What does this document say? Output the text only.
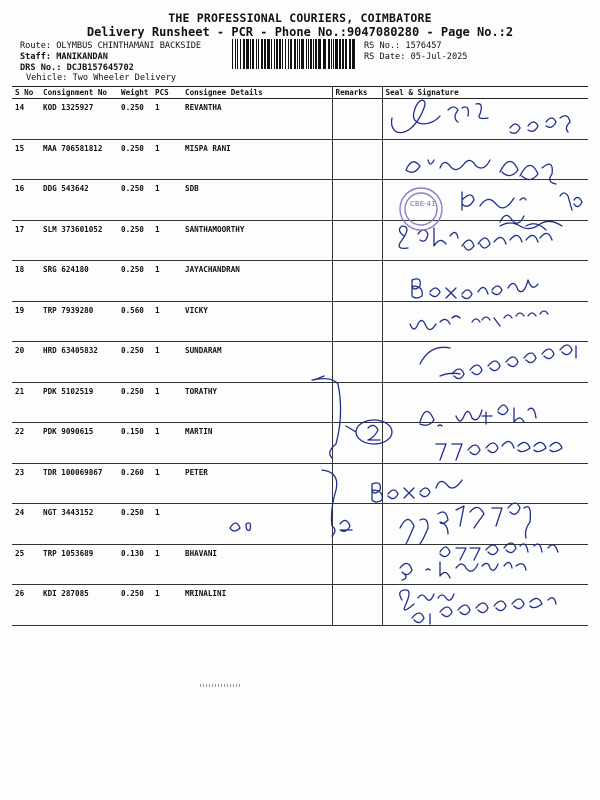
THE PROFESSIONAL COURIERS, COIMBATORE
Delivery Runsheet - PCR - Phone No.:9047080280 - Page No.:2
Route: OLYMBUS CHINTHAMANI BACKSIDE
Staff: MANIKANDAN
DRS No.: DCJB157645702
Vehicle: Two Wheeler Delivery
RS No.: 1576457
RS Date: 05-Jul-2025
S No	Consignment No	Weight	PCS	Consignee Details	Remarks	Seal & Signature
14	KOD 1325927	0.250	1	REVANTHA		
15	MAA 706581812	0.250	1	MISPA RANI		
16	DDG 543642	0.250	1	SDB		
17	SLM 373601052	0.250	1	SANTHAMOORTHY		
18	SRG 624180	0.250	1	JAYACHANDRAN		
19	TRP 7939280	0.560	1	VICKY		
20	HRD 63405832	0.250	1	SUNDARAM		
21	PDK 5102519	0.250	1	TORATHY		
22	PDK 9090615	0.150	1	MARTIN		
23	TDR 100069867	0.260	1	PETER		
24	NGT 3443152	0.250	1			
25	TRP 1053689	0.130	1	BHAVANI		
26	KDI 287085	0.250	1	MRINALINI		
CBE-41
